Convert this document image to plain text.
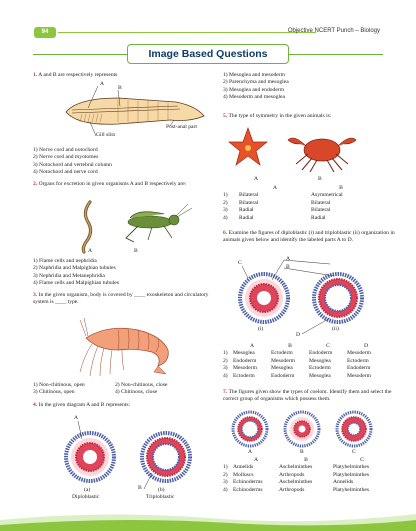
94	Objective NCERT Punch – Biology
Image Based Questions
1. A and B are respectively represents
A
B
Gill slits
Post-anal part
1) Nerve cord and notochord
2) Nerve cord and myotomes
3) Notochord and vertebral column
4) Notochord and nerve cord
2. Organs for excretion in given organisms A and B respectively are:
A	B
1) Flame cells and nephridia
2) Naphridia and Malpighian tubules
3) Nephridia and Metanephridia
4) Flame cells and Malpighian tubules
3. In the given organism, body is covered by ____ exoskeleton and circulatory system is ____ type.
1) Non-chitinous, open	2) Non-chitinous, close
3) Chitinous, open	4) Chitinous, close
4. In the given diagram A and B represents:
A
B
(a)	(b)
Diploblastic	Triploblastic
1) Mesoglea and mesoderm
2) Parenchyma and mesoglea
3) Mesoglea and endoderm
4) Mesoderm and mesoglea
5. The type of symmetry in the given animals is:
A	B
A	B
1)	Bilateral	Asymmetrical
2)	Bilateral	Bilateral
3)	Radial	Bilateral
4)	Radial	Radial
6. Examine the figures of diploblastic (i) and triploblastic (ii) organization in animals given below and identify the labeled parts A to D.
A
B
C
D
(i)	(ii)
A	B	C	D
1) Mesoglea	Ectoderm	Endoderm	Mesoderm
2) Endoderm	Mesoderm	Mesoglea	Ectoderm
3) Mesoderm	Mesoglea	Ectoderm	Endoderm
4) Ectoderm	Endoderm	Mesoglea	Mesoderm
7. The figures given show the types of coelom. Identify them and select the correct group of organisms which possess them.
A	B	C
A	B	C
1) Annelids	Aschelminthes	Platyhelminthes
2) Molluscs	Arthropods	Platyhelminthes
3) Echinoderms	Aschelminthes	Annelids
4) Echinoderms	Arthropods	Platyhelminthes
